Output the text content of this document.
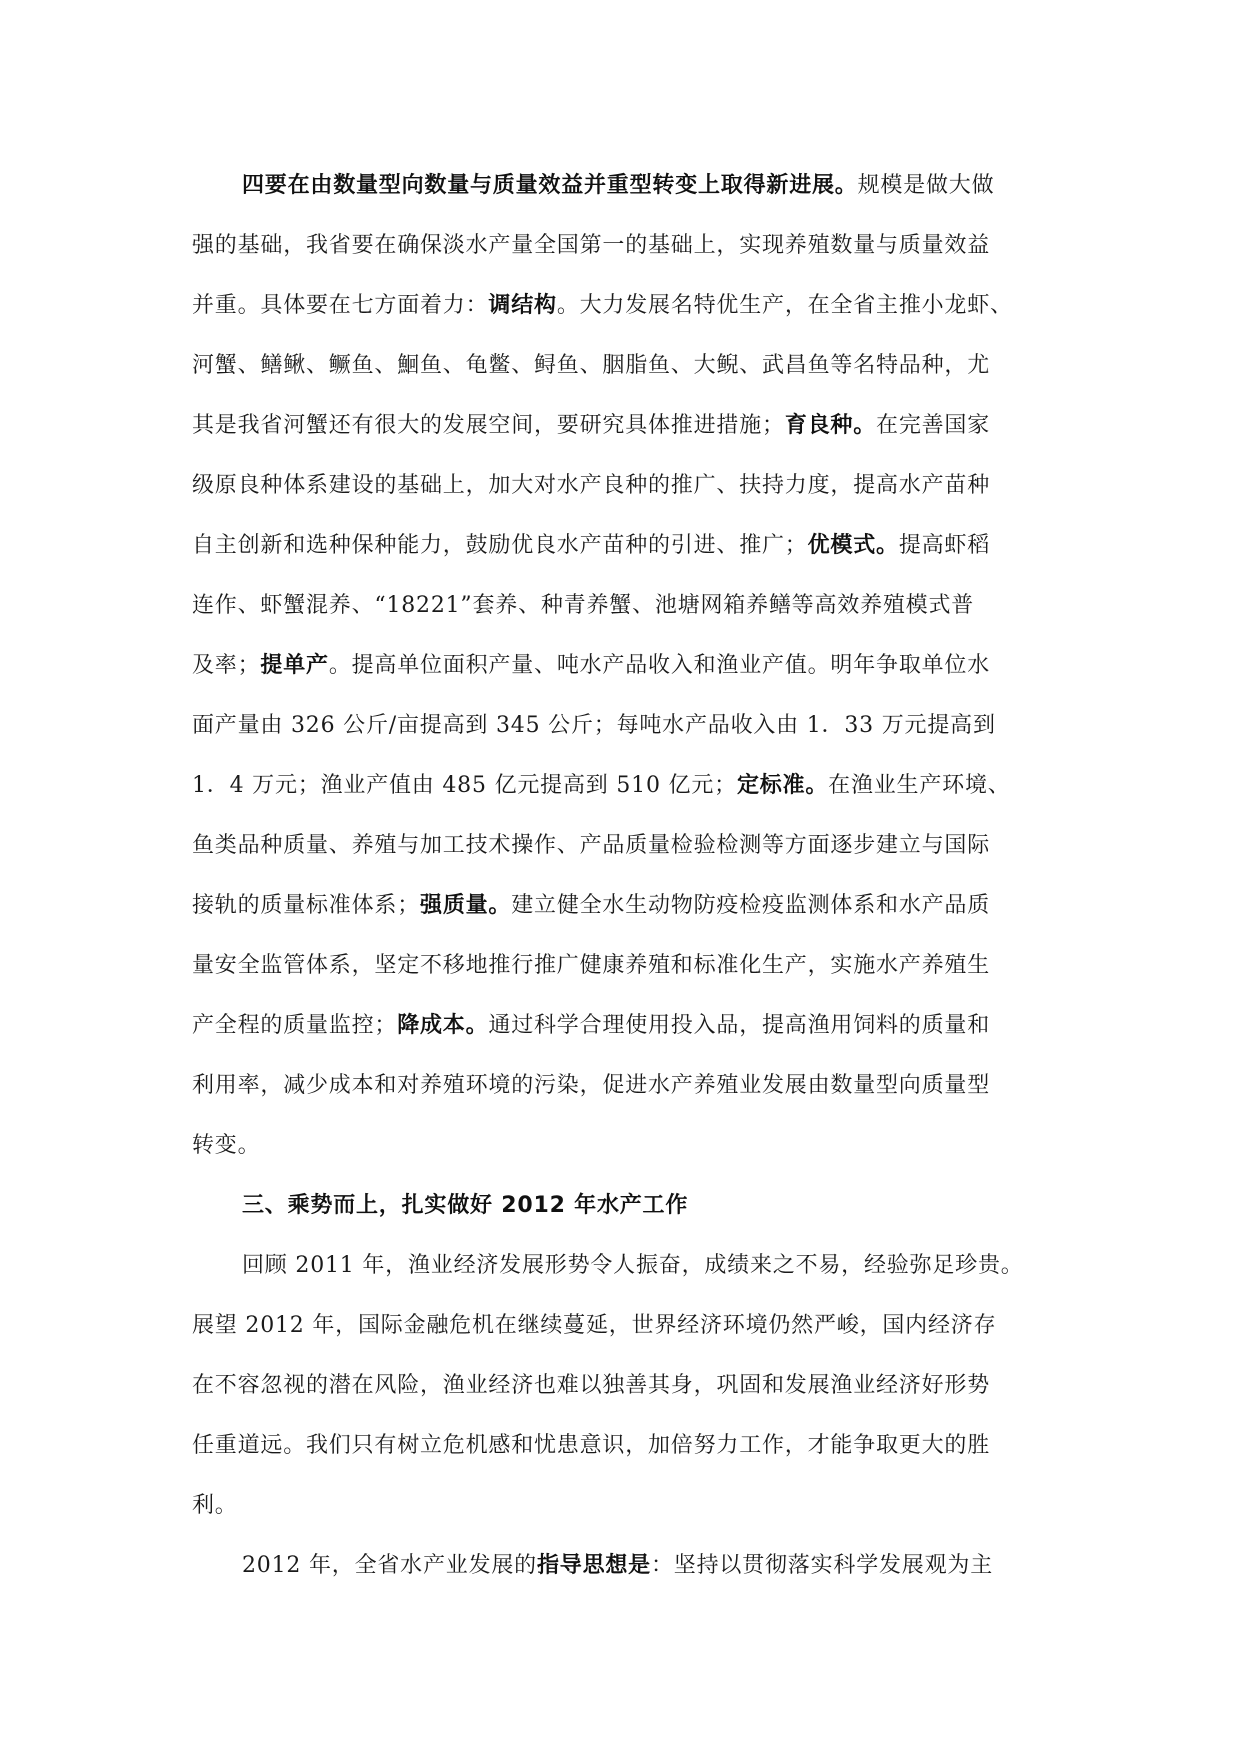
四要在由数量型向数量与质量效益并重型转变上取得新进展。规模是做大做
强的基础，我省要在确保淡水产量全国第一的基础上，实现养殖数量与质量效益
并重。具体要在七方面着力：调结构。大力发展名特优生产，在全省主推小龙虾、
河蟹、鳝鳅、鳜鱼、鮰鱼、龟鳖、鲟鱼、胭脂鱼、大鲵、武昌鱼等名特品种，尤
其是我省河蟹还有很大的发展空间，要研究具体推进措施；育良种。在完善国家
级原良种体系建设的基础上，加大对水产良种的推广、扶持力度，提高水产苗种
自主创新和选种保种能力，鼓励优良水产苗种的引进、推广；优模式。提高虾稻
连作、虾蟹混养、“18221”套养、种青养蟹、池塘网箱养鳝等高效养殖模式普
及率；提单产。提高单位面积产量、吨水产品收入和渔业产值。明年争取单位水
面产量由 326 公斤/亩提高到 345 公斤；每吨水产品收入由 1．33 万元提高到
1．4 万元；渔业产值由 485 亿元提高到 510 亿元；定标准。在渔业生产环境、
鱼类品种质量、养殖与加工技术操作、产品质量检验检测等方面逐步建立与国际
接轨的质量标准体系；强质量。建立健全水生动物防疫检疫监测体系和水产品质
量安全监管体系，坚定不移地推行推广健康养殖和标准化生产，实施水产养殖生
产全程的质量监控；降成本。通过科学合理使用投入品，提高渔用饲料的质量和
利用率，减少成本和对养殖环境的污染，促进水产养殖业发展由数量型向质量型
转变。
三、乘势而上，扎实做好 2012 年水产工作
回顾 2011 年，渔业经济发展形势令人振奋，成绩来之不易，经验弥足珍贵。
展望 2012 年，国际金融危机在继续蔓延，世界经济环境仍然严峻，国内经济存
在不容忽视的潜在风险，渔业经济也难以独善其身，巩固和发展渔业经济好形势
任重道远。我们只有树立危机感和忧患意识，加倍努力工作，才能争取更大的胜
利。
2012 年，全省水产业发展的指导思想是：坚持以贯彻落实科学发展观为主
